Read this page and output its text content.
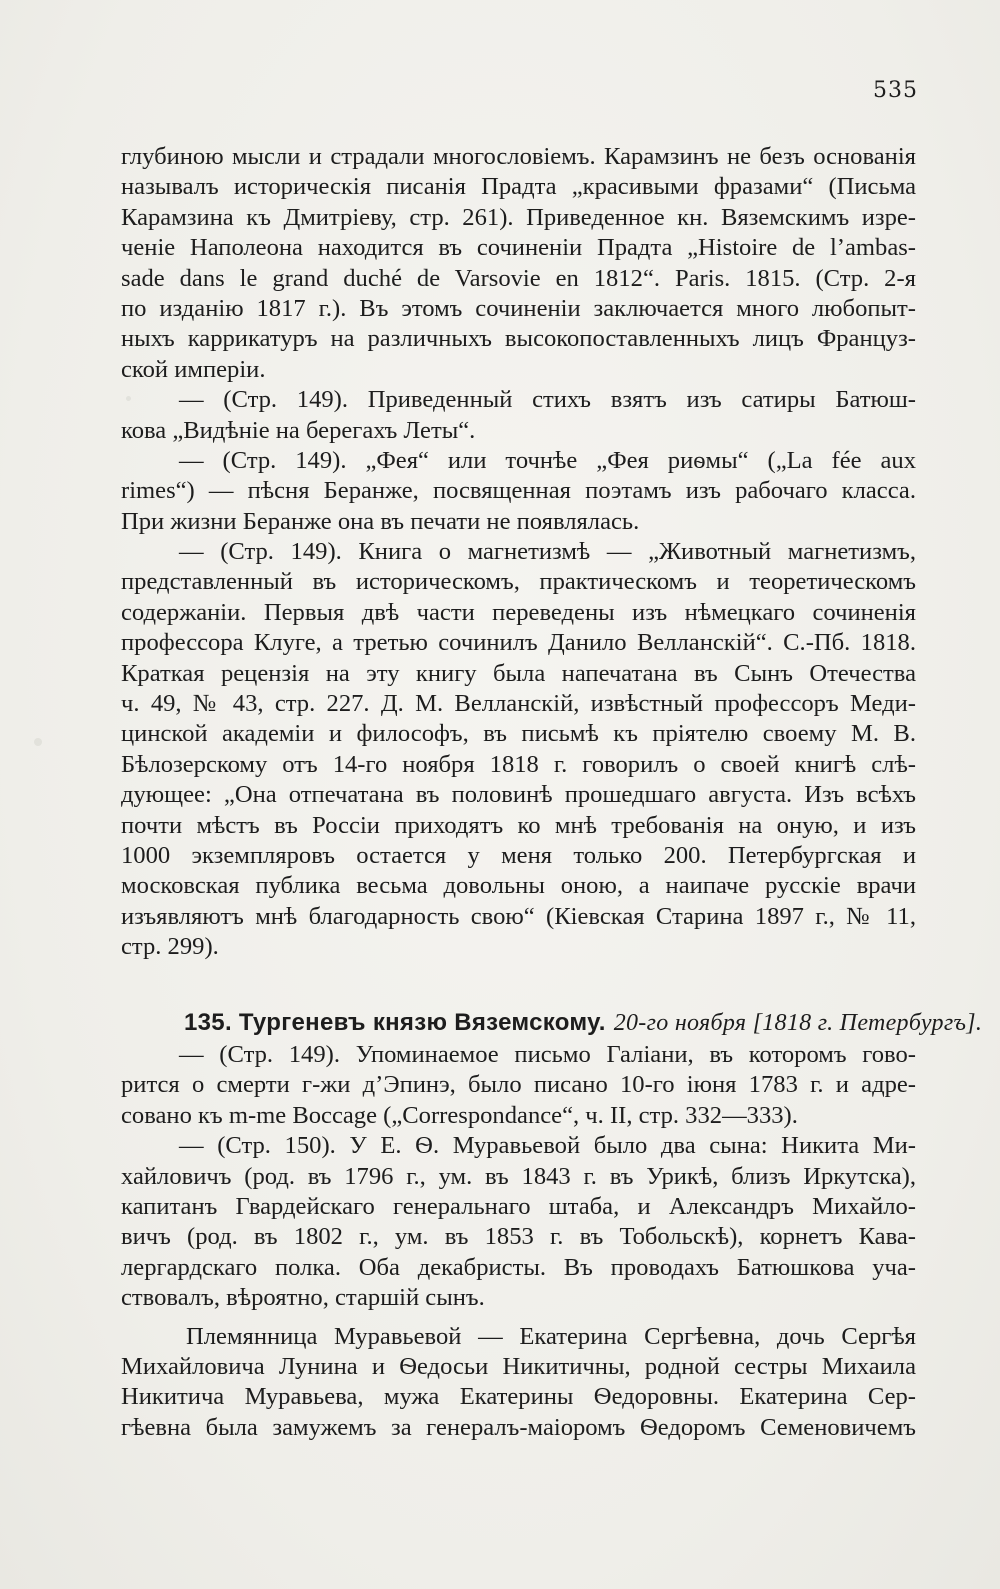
535
глубиною мысли и страдали многословіемъ. Карамзинъ не безъ основанія
называлъ историческія писанія Прадта „красивыми фразами“ (Письма
Карамзина къ Дмитріеву, стр. 261). Приведенное кн. Вяземскимъ изре-
ченіе Наполеона находится въ сочиненіи Прадта „Histoire de l’ambas-
sade dans le grand duché de Varsovie en 1812“. Paris. 1815. (Стр. 2-я
по изданію 1817 г.). Въ этомъ сочиненіи заключается много любопыт-
ныхъ каррикатуръ на различныхъ высокопоставленныхъ лицъ Француз-
ской имперіи.
— (Стр. 149). Приведенный стихъ взятъ изъ сатиры Батюш-
кова „Видѣніе на берегахъ Леты“.
— (Стр. 149). „Фея“ или точнѣе „Фея риѳмы“ („La fée aux
rimes“) — пѣсня Беранже, посвященная поэтамъ изъ рабочаго класса.
При жизни Беранже она въ печати не появлялась.
— (Стр. 149). Книга о магнетизмѣ — „Животный магнетизмъ,
представленный въ историческомъ, практическомъ и теоретическомъ
содержаніи. Первыя двѣ части переведены изъ нѣмецкаго сочиненія
профессора Клуге, а третью сочинилъ Данило Велланскій“. С.-Пб. 1818.
Краткая рецензія на эту книгу была напечатана въ Сынъ Отечества
ч. 49, № 43, стр. 227. Д. М. Велланскій, извѣстный профессоръ Меди-
цинской академіи и философъ, въ письмѣ къ пріятелю своему М. В.
Бѣлозерскому отъ 14-го ноября 1818 г. говорилъ о своей книгѣ слѣ-
дующее: „Она отпечатана въ половинѣ прошедшаго августа. Изъ всѣхъ
почти мѣстъ въ Россіи приходятъ ко мнѣ требованія на оную, и изъ
1000 экземпляровъ остается у меня только 200. Петербургская и
московская публика весьма довольны оною, а наипаче русскіе врачи
изъявляютъ мнѣ благодарность свою“ (Кіевская Старина 1897 г., № 11,
стр. 299).
135. Тургеневъ князю Вяземскому. 20-го ноября [1818 г. Петербургъ].
— (Стр. 149). Упоминаемое письмо Галіани, въ которомъ гово-
рится о смерти г-жи д’Эпинэ, было писано 10-го іюня 1783 г. и адре-
совано къ m-me Boccage („Correspondance“, ч. II, стр. 332—333).
— (Стр. 150). У Е. Ѳ. Муравьевой было два сына: Никита Ми-
хайловичъ (род. въ 1796 г., ум. въ 1843 г. въ Урикѣ, близъ Иркутска),
капитанъ Гвардейскаго генеральнаго штаба, и Александръ Михайло-
вичъ (род. въ 1802 г., ум. въ 1853 г. въ Тобольскѣ), корнетъ Кава-
лергардскаго полка. Оба декабристы. Въ проводахъ Батюшкова уча-
ствовалъ, вѣроятно, старшій сынъ.
Племянница Муравьевой — Екатерина Сергѣевна, дочь Сергѣя
Михайловича Лунина и Ѳедосьи Никитичны, родной сестры Михаила
Никитича Муравьева, мужа Екатерины Ѳедоровны. Екатерина Сер-
гѣевна была замужемъ за генералъ-маіоромъ Ѳедоромъ Семеновичемъ
